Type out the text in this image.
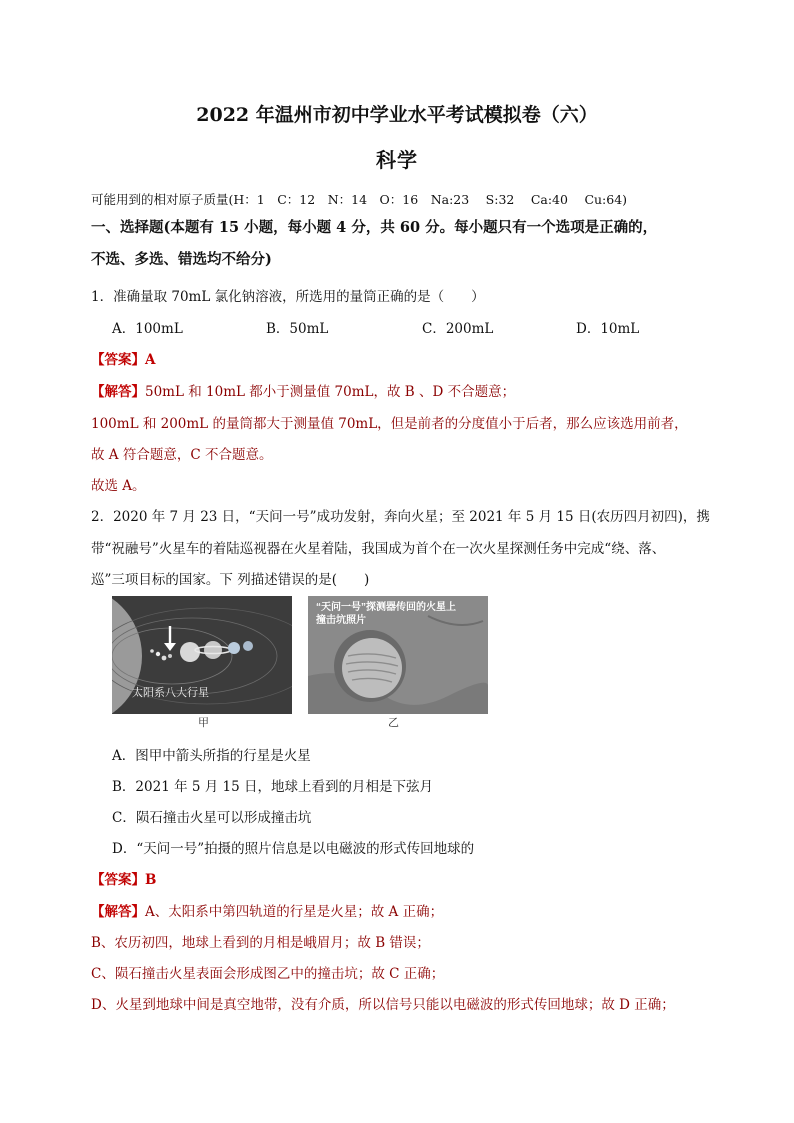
2022 年温州市初中学业水平考试模拟卷（六）
科学
可能用到的相对原子质量(H：1　C：12　N：14　O：16　Na:23　 S:32　 Ca:40　 Cu:64)
一、选择题(本题有 15 小题，每小题 4 分，共 60 分。每小题只有一个选项是正确的，
不选、多选、错选均不给分)
1．准确量取 70mL 氯化钠溶液，所选用的量筒正确的是（　　）
A．100mL	B．50mL	C．200mL	D．10mL
【答案】A
【解答】50mL 和 10mL 都小于测量值 70mL，故 B 、D 不合题意；
100mL 和 200mL 的量筒都大于测量值 70mL，但是前者的分度值小于后者，那么应该选用前者，
故 A 符合题意，C 不合题意。
故选 A。
2．2020 年 7 月 23 日，“天问一号”成功发射，奔向火星；至 2021 年 5 月 15 日(农历四月初四)，携
带“祝融号”火星车的着陆巡视器在火星着陆，我国成为首个在一次火星探测任务中完成“绕、落、
巡”三项目标的国家。下 列描述错误的是(　　)
太阳系八大行星
甲
“天问一号”探测器传回的火星上
撞击坑照片
乙
A．图甲中箭头所指的行星是火星
B．2021 年 5 月 15 日，地球上看到的月相是下弦月
C．陨石撞击火星可以形成撞击坑
D．“天问一号”拍摄的照片信息是以电磁波的形式传回地球的
【答案】B
【解答】A、太阳系中第四轨道的行星是火星；故 A 正确；
B、农历初四，地球上看到的月相是峨眉月；故 B 错误；
C、陨石撞击火星表面会形成图乙中的撞击坑；故 C 正确；
D、火星到地球中间是真空地带，没有介质，所以信号只能以电磁波的形式传回地球；故 D 正确；
